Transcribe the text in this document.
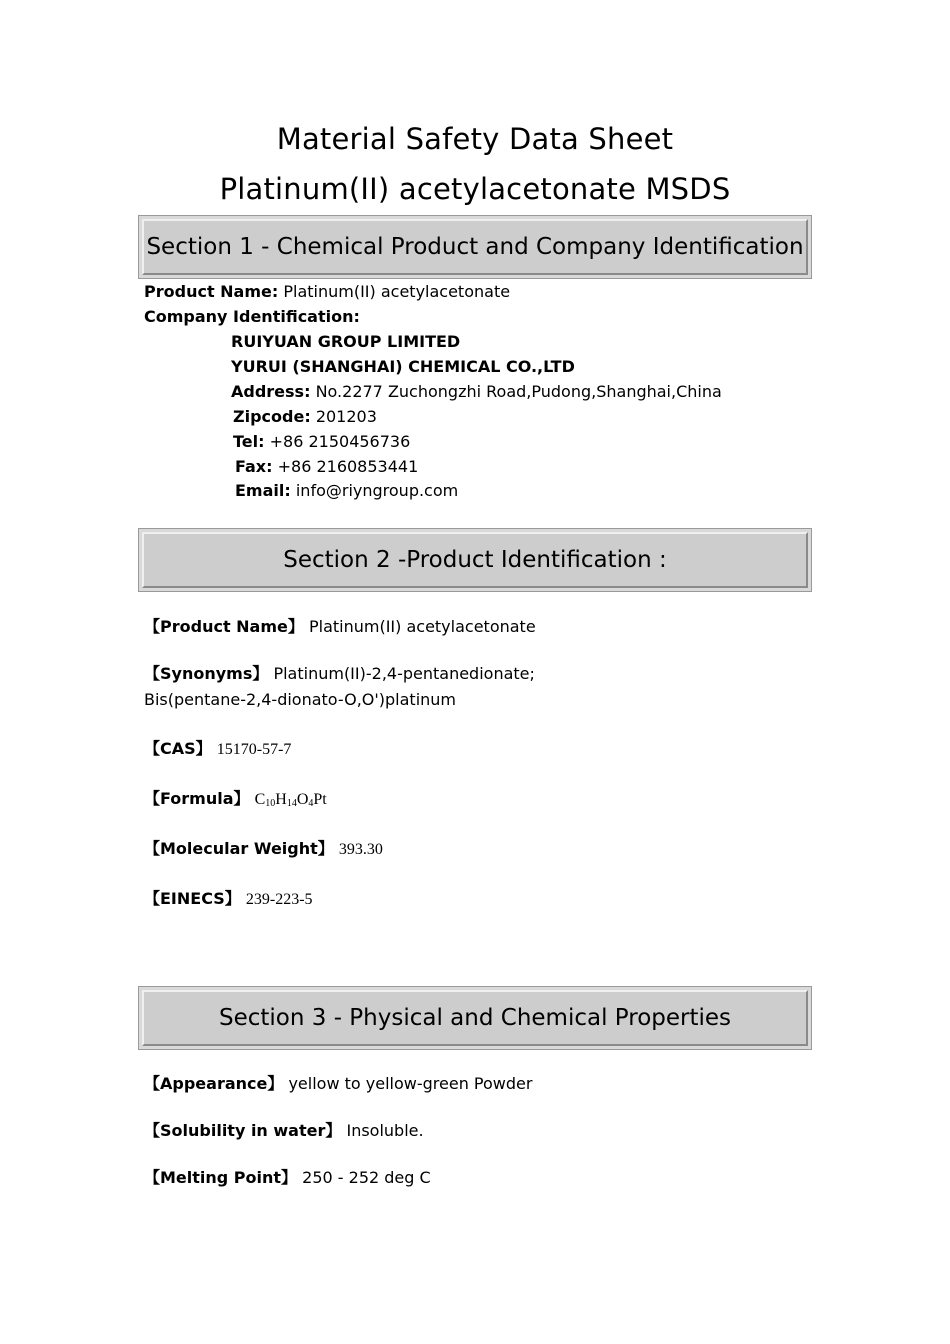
Material Safety Data Sheet
Platinum(II) acetylacetonate MSDS
Section 1 - Chemical Product and Company Identification
Product Name: Platinum(II) acetylacetonate
Company Identification:
RUIYUAN GROUP LIMITED
YURUI (SHANGHAI) CHEMICAL CO.,LTD
Address: No.2277 Zuchongzhi Road,Pudong,Shanghai,China
Zipcode: 201203
Tel: +86 2150456736
Fax: +86 2160853441
Email: info@riyngroup.com
Section 2 -Product Identification :
【Product Name】 Platinum(II) acetylacetonate
【Synonyms】 Platinum(II)-2,4-pentanedionate;
Bis(pentane-2,4-dionato-O,O')platinum
【CAS】 15170-57-7
【Formula】 $C_{10}H_{14}O_4Pt$
【Molecular Weight】 393.30
【EINECS】 239-223-5
Section 3 - Physical and Chemical Properties
【Appearance】 yellow to yellow-green Powder
【Solubility in water】 Insoluble.
【Melting Point】 250 - 252 deg C
